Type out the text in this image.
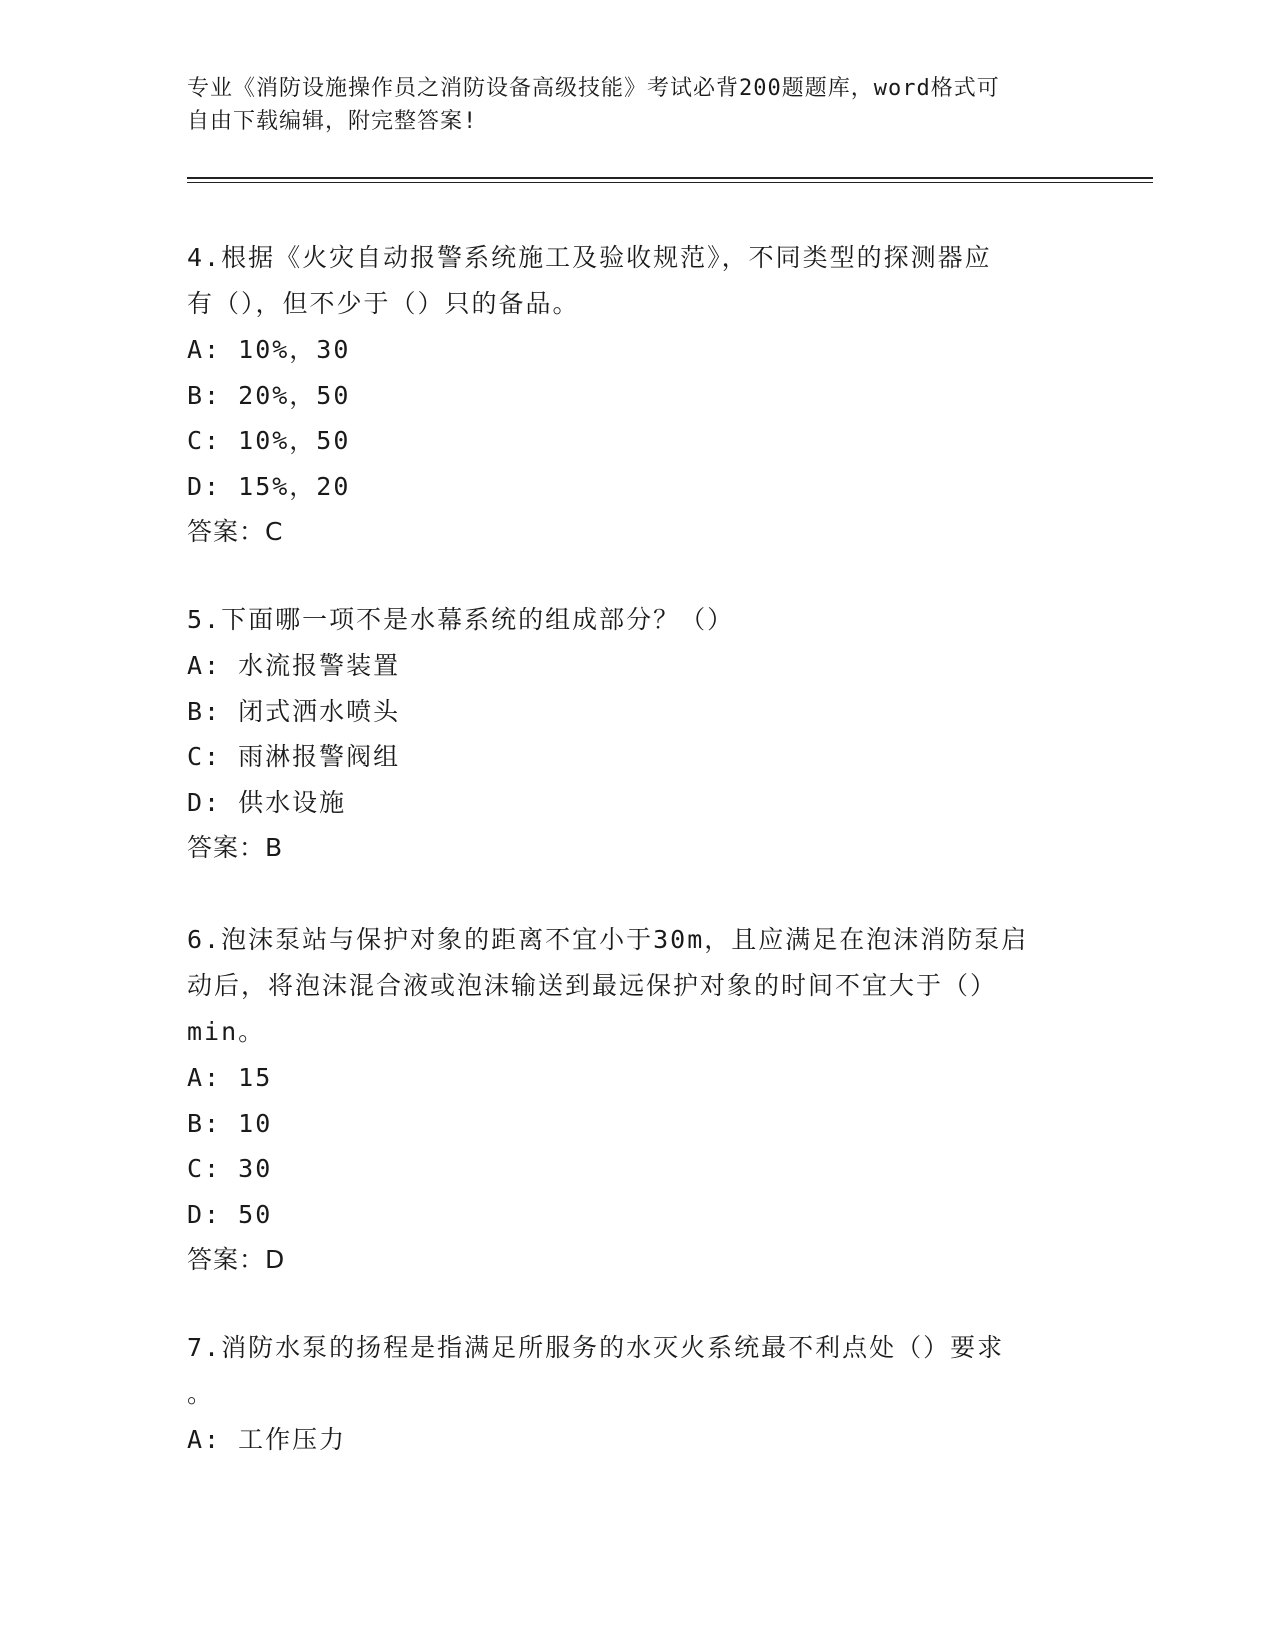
专业《消防设施操作员之消防设备高级技能》考试必背200题题库，word格式可
自由下载编辑，附完整答案!

4.根据《火灾自动报警系统施工及验收规范》，不同类型的探测器应

有（），但不少于（）只的备品。

A: 10%，30

B: 20%，50

C: 10%，50

D: 15%，20

答案：C

5.下面哪一项不是水幕系统的组成部分？（）

A: 水流报警装置

B: 闭式洒水喷头

C: 雨淋报警阀组

D: 供水设施

答案：B

6.泡沫泵站与保护对象的距离不宜小于30m，且应满足在泡沫消防泵启

动后，将泡沫混合液或泡沫输送到最远保护对象的时间不宜大于（）

min。

A: 15

B: 10

C: 30

D: 50

答案：D

7.消防水泵的扬程是指满足所服务的水灭火系统最不利点处（）要求

。

A: 工作压力
